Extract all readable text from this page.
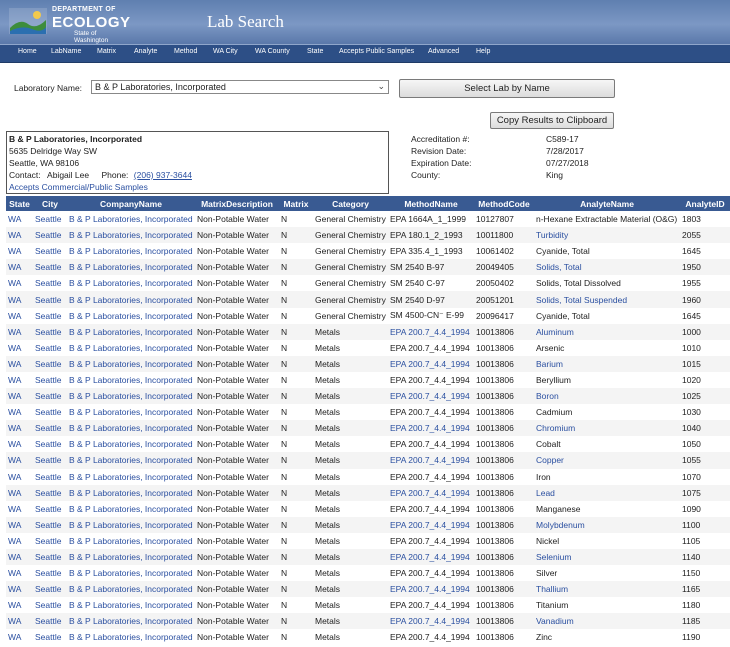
DEPARTMENT OF
ECOLOGY
State of Washington
Lab Search
Home LabName Matrix	Analyte Method WA City WA County State Accepts Public Samples Advanced Help
Laboratory Name: B & P Laboratories, Incorporated	⌄	Select Lab by Name
Copy Results to Clipboard
B & P Laboratories, Incorporated
5635 Delridge Way SW
Seattle, WA 98106
Contact: Abigail Lee Phone: (206) 937-3644
Accepts Commercial/Public Samples
Accreditation #:	C589-17
Revision Date:	7/28/2017
Expiration Date:	07/27/2018
County:	King
State	City	CompanyName	MatrixDescription	Matrix	Category	MethodName	MethodCode	AnalyteName	AnalyteID
WA	Seattle	B & P Laboratories, Incorporated	Non-Potable Water	N	General Chemistry	EPA 1664A_1_1999	10127807	n-Hexane Extractable Material (O&G)	1803
WA	Seattle	B & P Laboratories, Incorporated	Non-Potable Water	N	General Chemistry	EPA 180.1_2_1993	10011800	Turbidity	2055
WA	Seattle	B & P Laboratories, Incorporated	Non-Potable Water	N	General Chemistry	EPA 335.4_1_1993	10061402	Cyanide, Total	1645
WA	Seattle	B & P Laboratories, Incorporated	Non-Potable Water	N	General Chemistry	SM 2540 B-97	20049405	Solids, Total	1950
WA	Seattle	B & P Laboratories, Incorporated	Non-Potable Water	N	General Chemistry	SM 2540 C-97	20050402	Solids, Total Dissolved	1955
WA	Seattle	B & P Laboratories, Incorporated	Non-Potable Water	N	General Chemistry	SM 2540 D-97	20051201	Solids, Total Suspended	1960
WA	Seattle	B & P Laboratories, Incorporated	Non-Potable Water	N	General Chemistry	SM 4500-CN⁻ E-99	20096417	Cyanide, Total	1645
WA	Seattle	B & P Laboratories, Incorporated	Non-Potable Water	N	Metals	EPA 200.7_4.4_1994	10013806	Aluminum	1000
WA	Seattle	B & P Laboratories, Incorporated	Non-Potable Water	N	Metals	EPA 200.7_4.4_1994	10013806	Arsenic	1010
WA	Seattle	B & P Laboratories, Incorporated	Non-Potable Water	N	Metals	EPA 200.7_4.4_1994	10013806	Barium	1015
WA	Seattle	B & P Laboratories, Incorporated	Non-Potable Water	N	Metals	EPA 200.7_4.4_1994	10013806	Beryllium	1020
WA	Seattle	B & P Laboratories, Incorporated	Non-Potable Water	N	Metals	EPA 200.7_4.4_1994	10013806	Boron	1025
WA	Seattle	B & P Laboratories, Incorporated	Non-Potable Water	N	Metals	EPA 200.7_4.4_1994	10013806	Cadmium	1030
WA	Seattle	B & P Laboratories, Incorporated	Non-Potable Water	N	Metals	EPA 200.7_4.4_1994	10013806	Chromium	1040
WA	Seattle	B & P Laboratories, Incorporated	Non-Potable Water	N	Metals	EPA 200.7_4.4_1994	10013806	Cobalt	1050
WA	Seattle	B & P Laboratories, Incorporated	Non-Potable Water	N	Metals	EPA 200.7_4.4_1994	10013806	Copper	1055
WA	Seattle	B & P Laboratories, Incorporated	Non-Potable Water	N	Metals	EPA 200.7_4.4_1994	10013806	Iron	1070
WA	Seattle	B & P Laboratories, Incorporated	Non-Potable Water	N	Metals	EPA 200.7_4.4_1994	10013806	Lead	1075
WA	Seattle	B & P Laboratories, Incorporated	Non-Potable Water	N	Metals	EPA 200.7_4.4_1994	10013806	Manganese	1090
WA	Seattle	B & P Laboratories, Incorporated	Non-Potable Water	N	Metals	EPA 200.7_4.4_1994	10013806	Molybdenum	1100
WA	Seattle	B & P Laboratories, Incorporated	Non-Potable Water	N	Metals	EPA 200.7_4.4_1994	10013806	Nickel	1105
WA	Seattle	B & P Laboratories, Incorporated	Non-Potable Water	N	Metals	EPA 200.7_4.4_1994	10013806	Selenium	1140
WA	Seattle	B & P Laboratories, Incorporated	Non-Potable Water	N	Metals	EPA 200.7_4.4_1994	10013806	Silver	1150
WA	Seattle	B & P Laboratories, Incorporated	Non-Potable Water	N	Metals	EPA 200.7_4.4_1994	10013806	Thallium	1165
WA	Seattle	B & P Laboratories, Incorporated	Non-Potable Water	N	Metals	EPA 200.7_4.4_1994	10013806	Titanium	1180
WA	Seattle	B & P Laboratories, Incorporated	Non-Potable Water	N	Metals	EPA 200.7_4.4_1994	10013806	Vanadium	1185
WA	Seattle	B & P Laboratories, Incorporated	Non-Potable Water	N	Metals	EPA 200.7_4.4_1994	10013806	Zinc	1190
